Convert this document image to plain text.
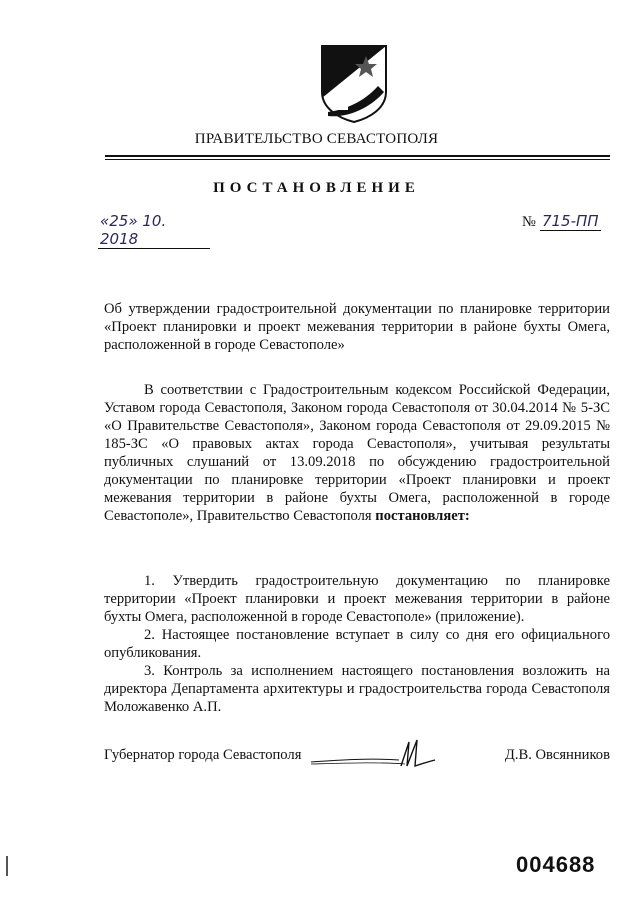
ПРАВИТЕЛЬСТВО СЕВАСТОПОЛЯ
ПОСТАНОВЛЕНИЕ
«25» 10. 2018
№ 715-ПП
Об утверждении градостроительной документации по планировке территории «Проект планировки и проект межевания территории в районе бухты Омега, расположенной в городе Севастополе»
В соответствии с Градостроительным кодексом Российской Федерации, Уставом города Севастополя, Законом города Севастополя от 30.04.2014 № 5-ЗС «О Правительстве Севастополя», Законом города Севастополя от 29.09.2015 № 185-ЗС «О правовых актах города Севастополя», учитывая результаты публичных слушаний от 13.09.2018 по обсуждению градостроительной документации по планировке территории «Проект планировки и проект межевания территории в районе бухты Омега, расположенной в городе Севастополе», Правительство Севастополя постановляет:
1. Утвердить градостроительную документацию по планировке территории «Проект планировки и проект межевания территории в районе бухты Омега, расположенной в городе Севастополе» (приложение).
2. Настоящее постановление вступает в силу со дня его официального опубликования.
3. Контроль за исполнением настоящего постановления возложить на директора Департамента архитектуры и градостроительства города Севастополя Моложавенко А.П.
Губернатор города Севастополя	Д.В. Овсянников
004688
